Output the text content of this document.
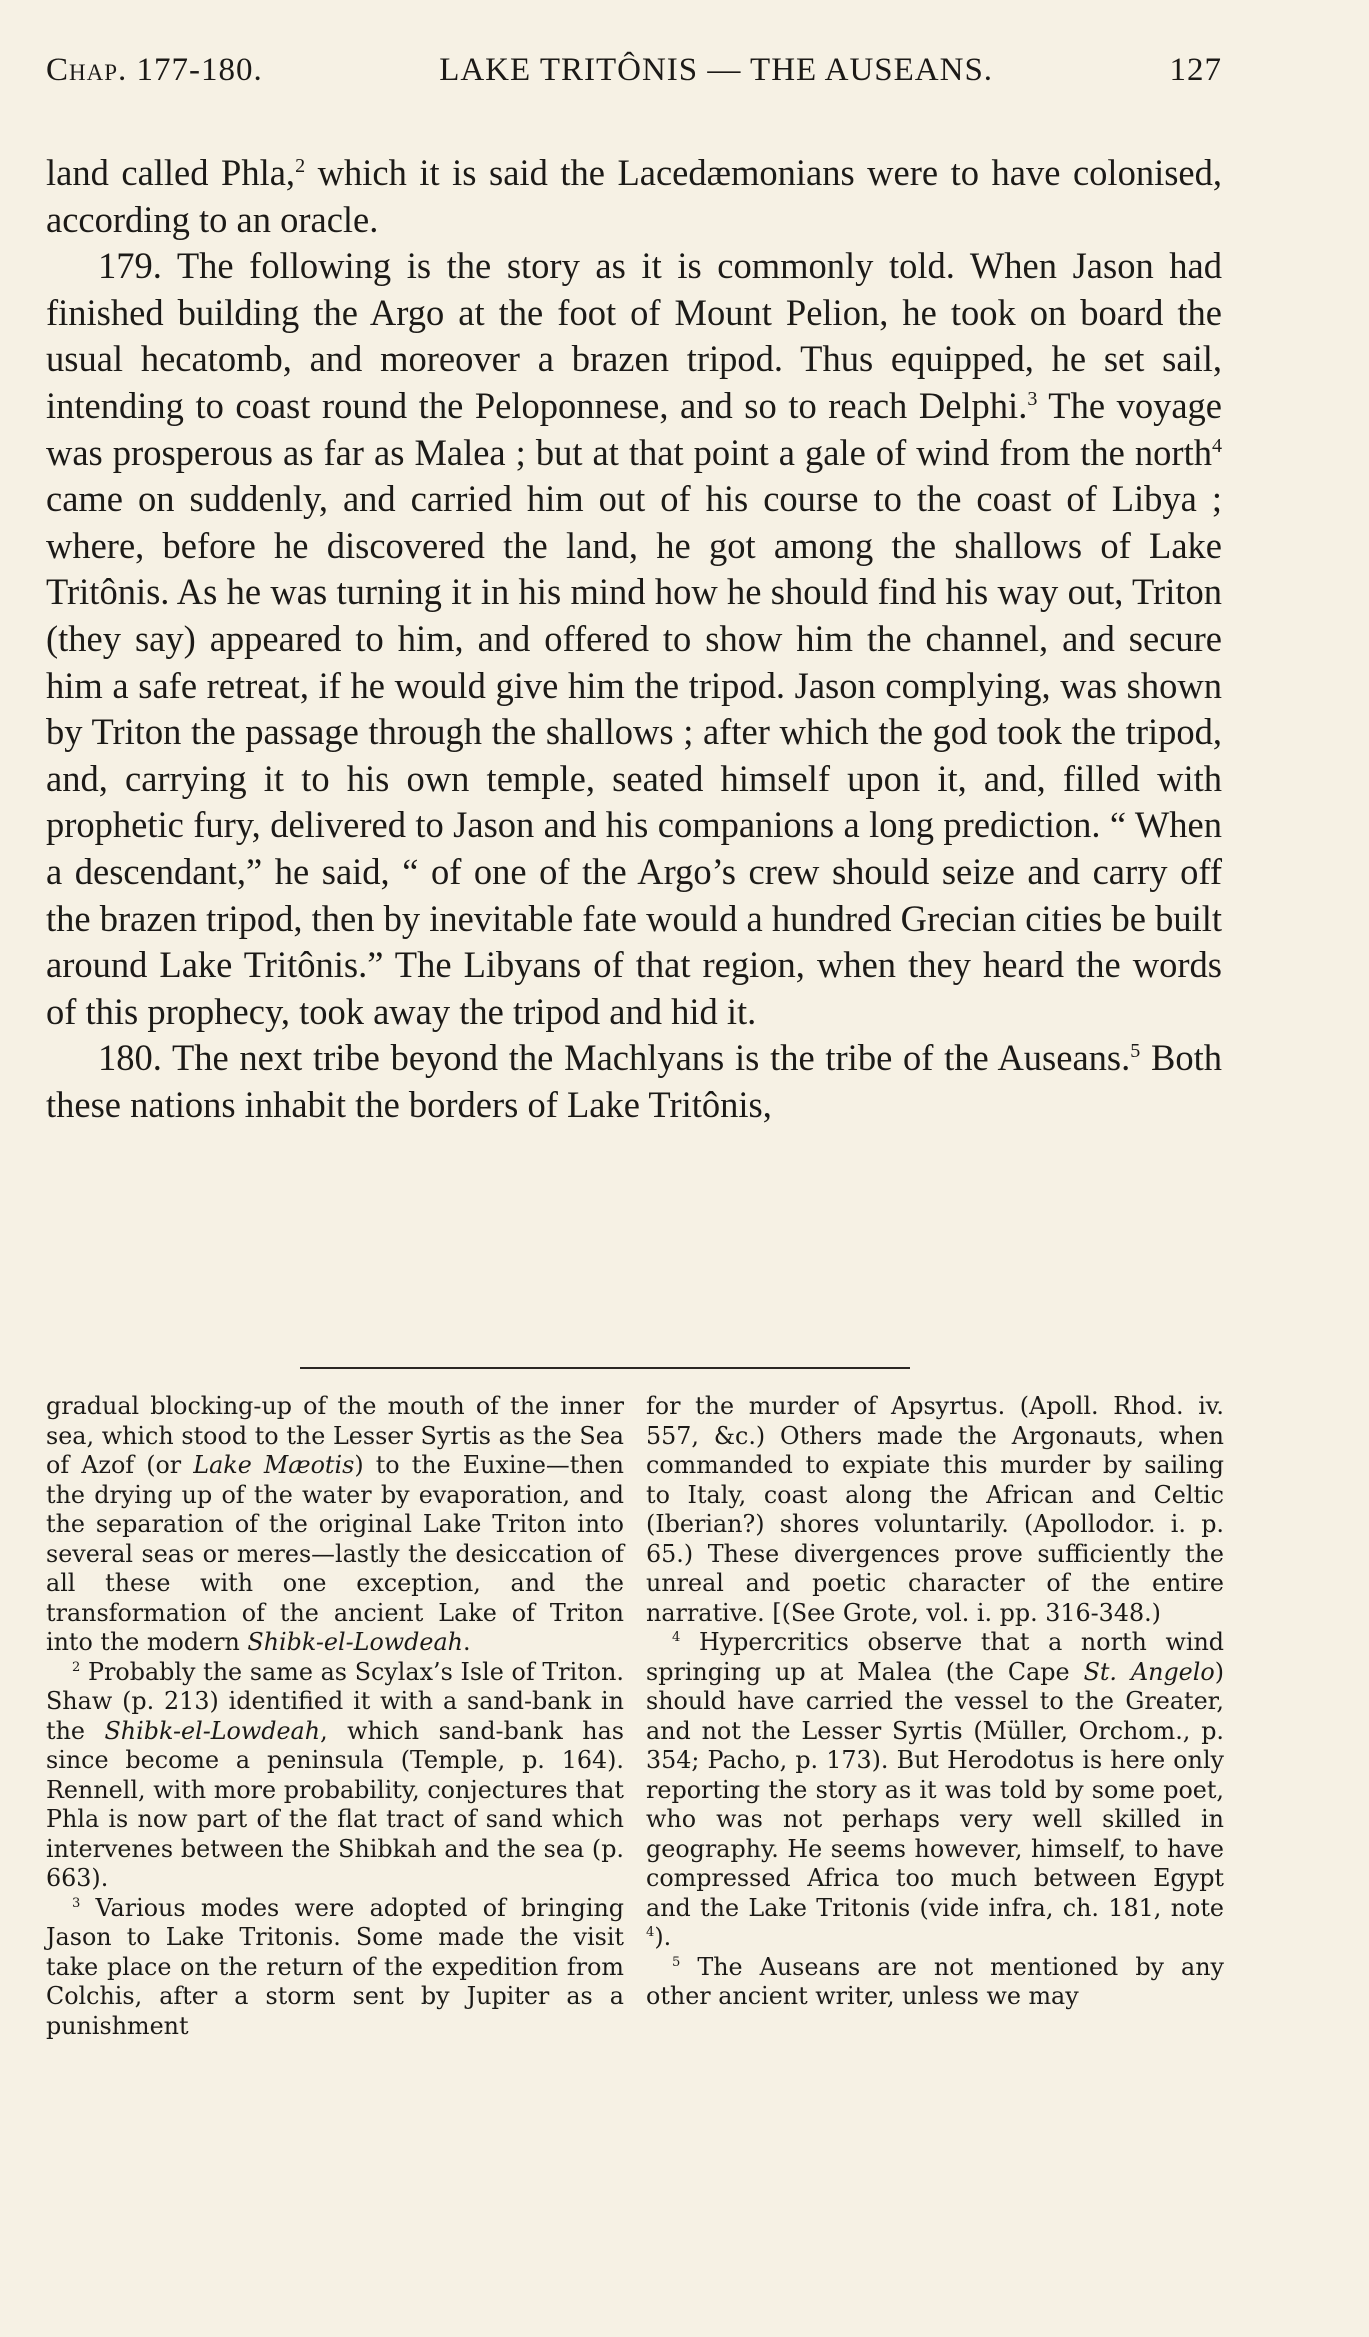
Chap. 177-180.	LAKE TRITÔNIS — THE AUSEANS.	127

land called Phla,$^2$ which it is said the Lacedæmonians were to have colonised, according to an oracle.

179. The following is the story as it is commonly told. When Jason had finished building the Argo at the foot of Mount Pelion, he took on board the usual hecatomb, and moreover a brazen tripod. Thus equipped, he set sail, intending to coast round the Peloponnese, and so to reach Delphi.$^3$ The voyage was prosperous as far as Malea ; but at that point a gale of wind from the north$^4$ came on suddenly, and carried him out of his course to the coast of Libya ; where, before he discovered the land, he got among the shallows of Lake Tritônis. As he was turning it in his mind how he should find his way out, Triton (they say) appeared to him, and offered to show him the channel, and secure him a safe retreat, if he would give him the tripod. Jason complying, was shown by Triton the passage through the shallows ; after which the god took the tripod, and, carrying it to his own temple, seated himself upon it, and, filled with prophetic fury, delivered to Jason and his companions a long prediction. “ When a descendant,” he said, “ of one of the Argo’s crew should seize and carry off the brazen tripod, then by inevitable fate would a hundred Grecian cities be built around Lake Tritônis.” The Libyans of that region, when they heard the words of this prophecy, took away the tripod and hid it.

180. The next tribe beyond the Machlyans is the tribe of the Auseans.$^5$ Both these nations inhabit the borders of Lake Tritônis,

gradual blocking-up of the mouth of the inner sea, which stood to the Lesser Syrtis as the Sea of Azof (or Lake Mæotis) to the Euxine—then the drying up of the water by evaporation, and the separation of the original Lake Triton into several seas or meres—lastly the desiccation of all these with one exception, and the transformation of the ancient Lake of Triton into the modern Shibk-el-Lowdeah.

$^2$ Probably the same as Scylax’s Isle of Triton. Shaw (p. 213) identified it with a sand-bank in the Shibk-el-Lowdeah, which sand-bank has since become a peninsula (Temple, p. 164). Rennell, with more probability, conjectures that Phla is now part of the flat tract of sand which intervenes between the Shibkah and the sea (p. 663).

$^3$ Various modes were adopted of bringing Jason to Lake Tritonis. Some made the visit take place on the return of the expedition from Colchis, after a storm sent by Jupiter as a punishment

for the murder of Apsyrtus. (Apoll. Rhod. iv. 557, &c.) Others made the Argonauts, when commanded to expiate this murder by sailing to Italy, coast along the African and Celtic (Iberian?) shores voluntarily. (Apollodor. i. p. 65.) These divergences prove sufficiently the unreal and poetic character of the entire narrative. [(See Grote, vol. i. pp. 316-348.)

$^4$ Hypercritics observe that a north wind springing up at Malea (the Cape St. Angelo) should have carried the vessel to the Greater, and not the Lesser Syrtis (Müller, Orchom., p. 354; Pacho, p. 173). But Herodotus is here only reporting the story as it was told by some poet, who was not perhaps very well skilled in geography. He seems however, himself, to have compressed Africa too much between Egypt and the Lake Tritonis (vide infra, ch. 181, note $^4$).

$^5$ The Auseans are not mentioned by any other ancient writer, unless we may
